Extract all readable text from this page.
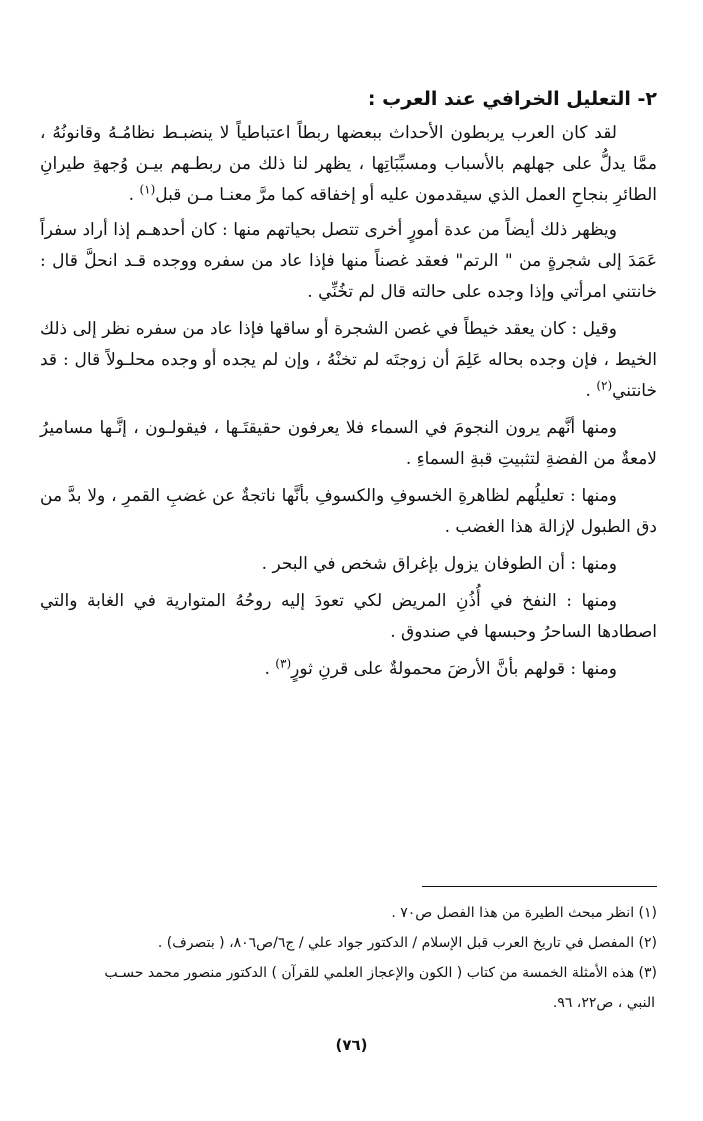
٢- التعليل الخرافي عند العرب :

لقد كان العرب يربطون الأحداث ببعضها ربطاً اعتباطياً لا ينضبـط نظامُـهُ وقانونُهُ ، ممَّا يدلُّ على جهلهم بالأسباب ومسبِّبَاتِها ، يظهر لنا ذلك من ربطـهم بيـن وُجهةِ طيرانِ الطائرِ بنجاحِ العمل الذي سيقدمون عليه أو إخفاقه كما مرَّ معنـا مـن قبل$^{(١)}$ .

ويظهر ذلك أيضاً من عدة أمورٍ أخرى تتصل بحياتهم منها : كان أحدهـم إذا أراد سفراً عَمَدَ إلى شجرةٍ من " الرتم" فعقد غصناً منها فإذا عاد من سفره ووجده قـد انحلَّ قال : خانتني امرأتي وإذا وجده على حالته قال لم تخُنِّي .

وقيل : كان يعقد خيطاً في غصن الشجرة أو ساقها فإذا عاد من سفره نظر إلى ذلك الخيط ، فإن وجده بحاله عَلِمَ أن زوجتَه لم تخنْهُ ، وإن لم يجده أو وجده محلـولاً قال : قد خانتني$^{(٢)}$ .

ومنها أنَّهم يرون النجومَ في السماء فلا يعرفون حقيقتَـها ، فيقولـون ، إنَّـها مساميرُ لامعةٌ من الفضةِ لتثبيتِ قبةِ السماءِ .

ومنها : تعليلُهم لظاهرةِ الخسوفِ والكسوفِ بأنَّها ناتجةٌ عن غضبِ القمرِ ، ولا بدَّ من دق الطبول لإزالة هذا الغضب .

ومنها : أن الطوفان يزول بإغراق شخص في البحر .

ومنها : النفخ في أُذُنِ المريض لكي تعودَ إليه روحُهُ المتوارية في الغابة والتي اصطادها الساحرُ وحبسها في صندوق .

ومنها : قولهم بأنَّ الأرضَ محمولةٌ على قرنِ ثورٍ$^{(٣)}$ .

(١) انظر مبحث الطيرة من هذا الفصل ص٧٠ .

(٢) المفصل في تاريخ العرب قبل الإسلام / الدكتور جواد علي / ج٦/ص٨٠٦، ( بتصرف) .

(٣) هذه الأمثلة الخمسة من كتاب ( الكون والإعجاز العلمي للقرآن ) الدكتور منصور محمد حسـب

النبي ، ص٢٢، ٩٦.

(٧٦)
